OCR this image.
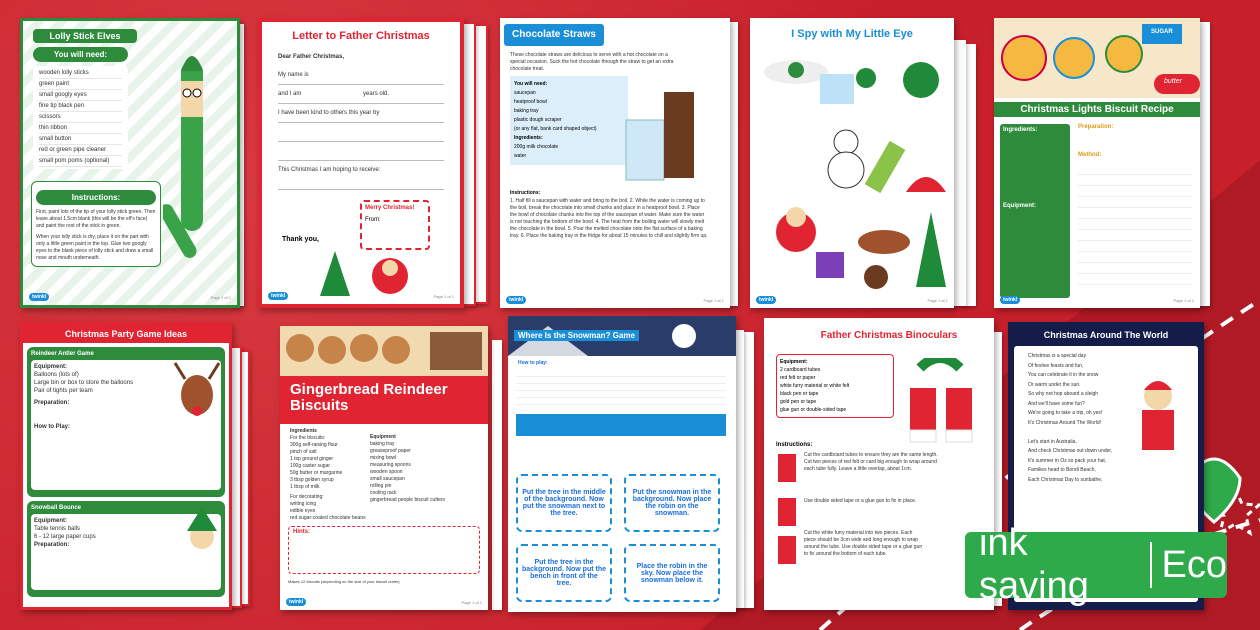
Lolly Stick Elves
You will need:
wooden lolly sticks
green paint
small googly eyes
fine tip black pen
scissors
thin ribbon
small button
red or green pipe cleaner
small pom poms (optional)
Instructions:
First, paint lots of the tip of your lolly stick green. Then leave about 1.5cm blank (this will be the elf's face) and paint the rest of the stick in green.
When your lolly stick is dry, place it on the part with only a little green paint in the top. Glue two googly eyes to the blank piece of lolly stick and draw a small nose and mouth underneath.
twinkl	Page 1 of 1
Letter to Father Christmas
Dear Father Christmas,
My name is
and I am	years old.
I have been kind to others this year by
This Christmas I am hoping to receive:
Thank you,
Merry Christmas!
From:
twinkl	Page 1 of 1
Chocolate Straws
These chocolate straws are delicious to serve with a hot chocolate on a special occasion. Suck the hot chocolate through the straw to get an extra chocolate treat.
You will need:
saucepan
heatproof bowl
baking tray
plastic dough scraper
(or any flat, bank card shaped object)
Ingredients:
200g milk chocolate
water
Instructions:
1. Half fill a saucepan with water and bring to the boil. 2. While the water is coming up to the boil, break the chocolate into small chunks and place in a heatproof bowl. 3. Place the bowl of chocolate chunks into the top of the saucepan of water. Make sure the water is not touching the bottom of the bowl. 4. The heat from the boiling water will slowly melt the chocolate in the bowl. 5. Pour the melted chocolate onto the flat surface of a baking tray. 6. Place the baking tray in the fridge for about 15 minutes to chill and slightly firm up.
twinkl	Page 1 of 1
I Spy with My Little Eye
twinkl	Page 1 of 1
SUGAR
butter
Christmas Lights Biscuit Recipe
Ingredients:
Equipment:
Preparation:
Method:
twinkl	Page 1 of 1
Christmas Party Game Ideas
Reindeer Antler Game
Equipment:
Balloons (lots of)
Large bin or box to store the balloons
Pair of tights per team
Preparation:
How to Play:
Snowball Bounce
Equipment:
Table tennis balls
6 - 12 large paper cups
Preparation:
Gingerbread Reindeer
Biscuits
Ingredients
For the biscuits:
300g self-raising flour
pinch of salt
1 tsp ground ginger
100g caster sugar
50g butter or margarine
3 tbsp golden syrup
1 tbsp of milk
For decorating:
writing icing
edible eyes
red sugar-coated chocolate beans
Equipment
baking tray
greaseproof paper
mixing bowl
measuring spoons
wooden spoon
small saucepan
rolling pin
cooling rack
gingerbread people biscuit cutters
Hints:
Makes 12 biscuits (depending on the size of your biscuit cutter)
twinkl	Page 1 of 1
Where Is the Snowman? Game
How to play:
Put the tree in the middle of the background. Now put the snowman next to the tree.
Put the snowman in the background. Now place the robin on the snowman.
Put the tree in the background. Now put the bench in front of the tree.
Place the robin in the sky. Now place the snowman below it.
Father Christmas Binoculars
Equipment:
2 cardboard tubes
red felt or paper
white furry material or white felt
black pen or tape
gold pen or tape
glue gun or double-sided tape
Instructions:
Cut the cardboard tubes to ensure they are the same length. Cut two pieces of red felt or card big enough to wrap around each tube fully. Leave a little overlap, about 1cm.
Use double sided tape or a glue gun to fix in place.
Cut the white furry material into two pieces. Each piece should be 3cm wide and long enough to wrap around the tube. Use double sided tape or a glue gun to fix around the bottom of each tube.
Christmas Around The World
Christmas is a special day
Of festive feasts and fun,
You can celebrate it in the snow
Or warm under the sun.
So why not hop aboard a sleigh
And we'll have some fun?
We're going to take a trip, oh yes!
It's Christmas Around The World!
Let's start in Australia,
And check Christmas out down under,
It's summer in Oz so pack your hat,
Families head to Bondi Beach,
Each Christmas Day to sunbathe,
ink saving
Eco
